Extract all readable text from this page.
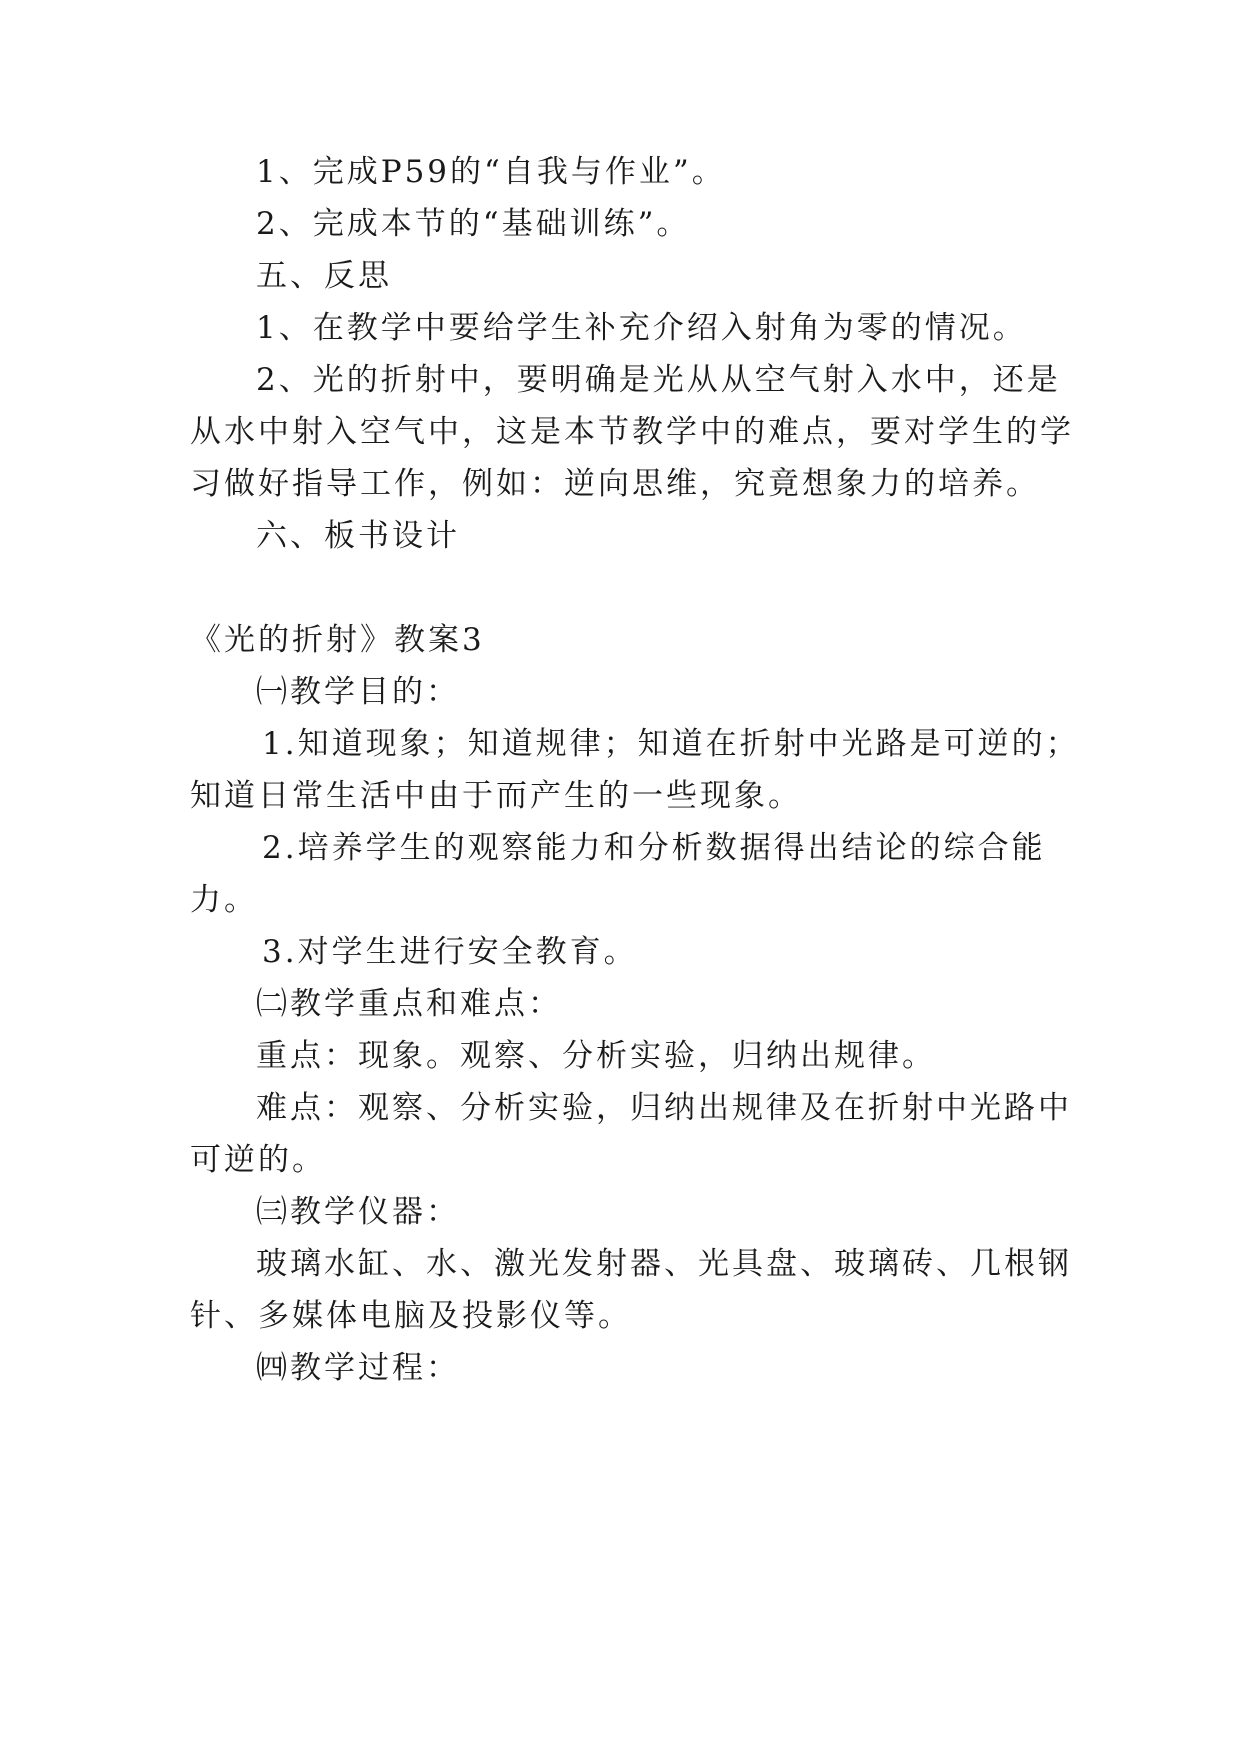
1、完成P59的“自我与作业”。
2、完成本节的“基础训练”。
五、反思
1、在教学中要给学生补充介绍入射角为零的情况。
2、光的折射中，要明确是光从从空气射入水中，还是
从水中射入空气中，这是本节教学中的难点，要对学生的学
习做好指导工作，例如：逆向思维，究竟想象力的培养。
六、板书设计
《光的折射》教案3
㈠教学目的：
1.知道现象；知道规律；知道在折射中光路是可逆的；
知道日常生活中由于而产生的一些现象。
2.培养学生的观察能力和分析数据得出结论的综合能
力。
3.对学生进行安全教育。
㈡教学重点和难点：
重点：现象。观察、分析实验，归纳出规律。
难点：观察、分析实验，归纳出规律及在折射中光路中
可逆的。
㈢教学仪器：
玻璃水缸、水、激光发射器、光具盘、玻璃砖、几根钢
针、多媒体电脑及投影仪等。
㈣教学过程：
